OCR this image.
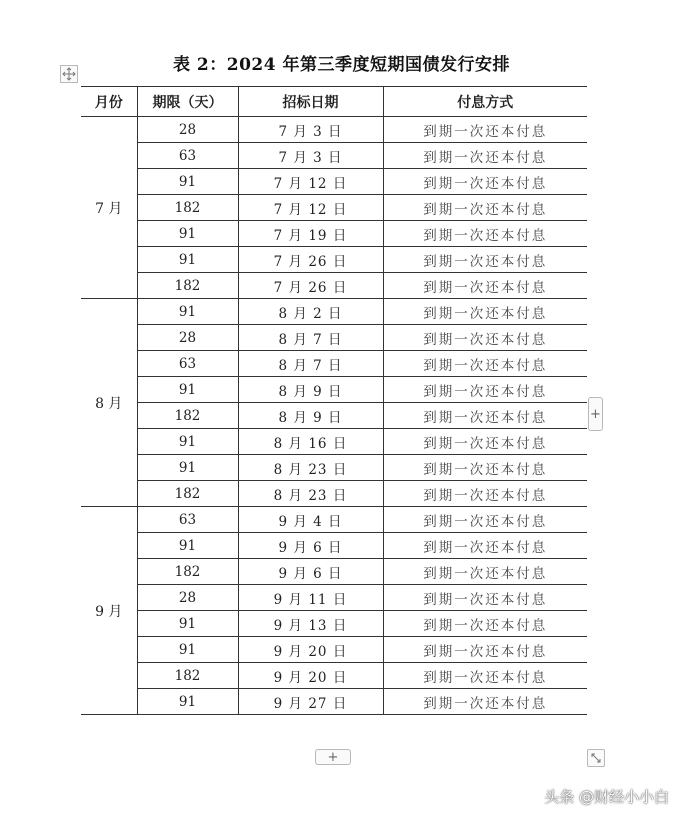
表 2：2024 年第三季度短期国债发行安排
月份	期限（天）	招标日期	付息方式
7 月	28	7 月 3 日	到期一次还本付息
	63	7 月 3 日	到期一次还本付息
	91	7 月 12 日	到期一次还本付息
	182	7 月 12 日	到期一次还本付息
	91	7 月 19 日	到期一次还本付息
	91	7 月 26 日	到期一次还本付息
	182	7 月 26 日	到期一次还本付息
8 月	91	8 月 2 日	到期一次还本付息
	28	8 月 7 日	到期一次还本付息
	63	8 月 7 日	到期一次还本付息
	91	8 月 9 日	到期一次还本付息
	182	8 月 9 日	到期一次还本付息
	91	8 月 16 日	到期一次还本付息
	91	8 月 23 日	到期一次还本付息
	182	8 月 23 日	到期一次还本付息
9 月	63	9 月 4 日	到期一次还本付息
	91	9 月 6 日	到期一次还本付息
	182	9 月 6 日	到期一次还本付息
	28	9 月 11 日	到期一次还本付息
	91	9 月 13 日	到期一次还本付息
	91	9 月 20 日	到期一次还本付息
	182	9 月 20 日	到期一次还本付息
	91	9 月 27 日	到期一次还本付息
+
+
头条 @财经小小白
